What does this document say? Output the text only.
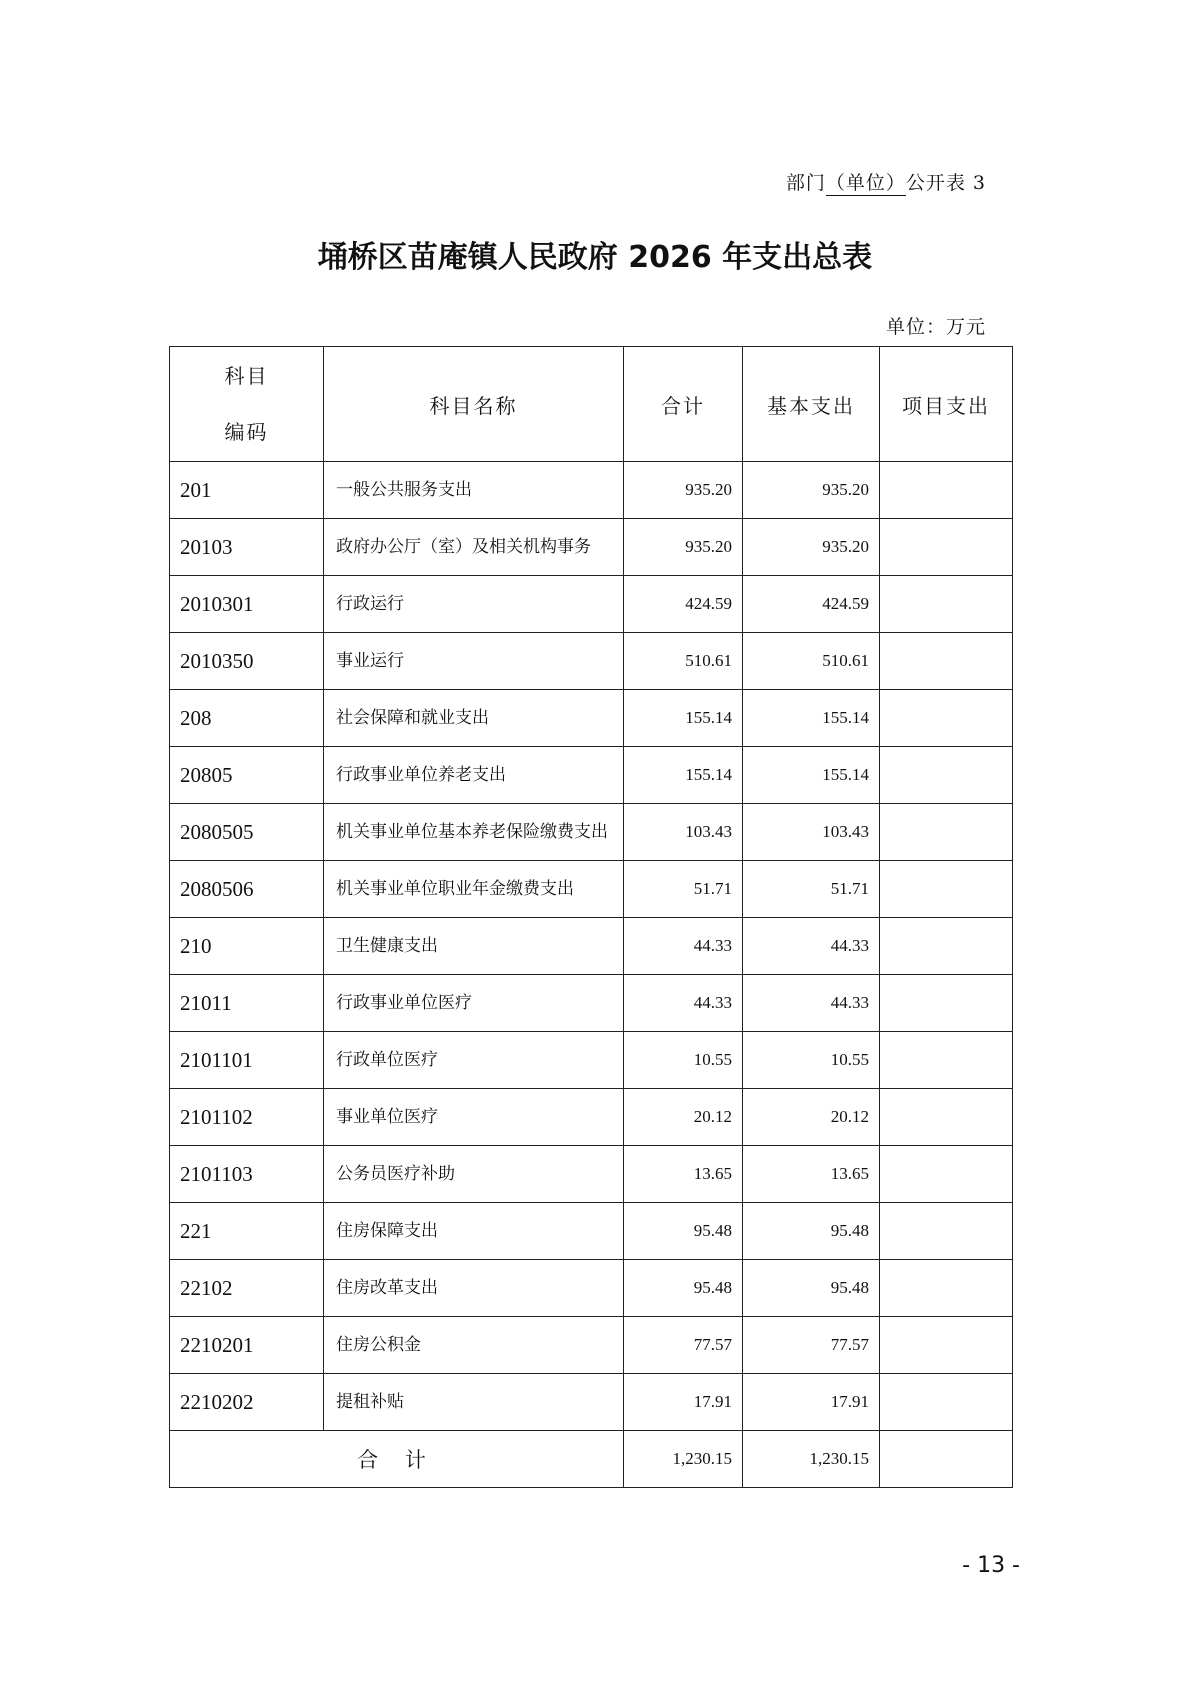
部门（单位）公开表 3
埇桥区苗庵镇人民政府 2026 年支出总表
单位：万元
科目
编码	科目名称	合计	基本支出	项目支出
201	一般公共服务支出	935.20	935.20	
20103	政府办公厅（室）及相关机构事务	935.20	935.20	
2010301	行政运行	424.59	424.59	
2010350	事业运行	510.61	510.61	
208	社会保障和就业支出	155.14	155.14	
20805	行政事业单位养老支出	155.14	155.14	
2080505	机关事业单位基本养老保险缴费支出	103.43	103.43	
2080506	机关事业单位职业年金缴费支出	51.71	51.71	
210	卫生健康支出	44.33	44.33	
21011	行政事业单位医疗	44.33	44.33	
2101101	行政单位医疗	10.55	10.55	
2101102	事业单位医疗	20.12	20.12	
2101103	公务员医疗补助	13.65	13.65	
221	住房保障支出	95.48	95.48	
22102	住房改革支出	95.48	95.48	
2210201	住房公积金	77.57	77.57	
2210202	提租补贴	17.91	17.91	
合 计		1,230.15	1,230.15	
- 13 -
